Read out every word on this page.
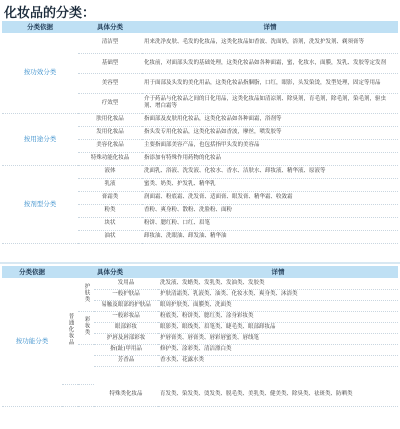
化妆品的分类：
分类依据	具体分类	详情
按功效分类	清洁型	用来洗净皮肤、毛发的化妆品，这类化妆品如香波、洗面奶，浴剂，洗发护发剂、剃须膏等
	基础型	化妆前，对面部头发的基础处理，这类化妆品如各种面霜，蜜，化妆水，面膜，发乳、发胶等定发剂
	美容型	用于面部及头发的美化用品，这类化妆品指胭脂，口红，眼影，头发染烫，发型处理，固定等用品
	疗效型	介于药品与化妆品之间的日化用品，这类化妆品如清凉剂、除臭剂，育毛剂，除毛剂，染毛剂，驱虫剂、增白霜等
按用途分类	肤用化妆品	指面部及皮肤用化妆品，这类化妆品如各种面霜，浴剂等
	发用化妆品	指头发专用化妆品，这类化妆品如香波，摩丝，喷发胶等
	美容化妆品	主要指面部美容产品，也包括指甲头发的美容品
	特殊功能化妆品	指添加有特殊作用药物的化妆品
按剂型分类	液体	洗面乳、浴液、洗发液、化妆水、香水、洁肤水、卸妆液、精华液、原液等
	乳液	蜜类、奶类、护发乳、精华乳
	膏霜类	润面霜、粉底霜、洗发膏、适面膏、眼发膏、精华霜、收敛霜
	粉类	香粉、爽身粉、散粉、洗脸粉、面粉
	块状	粉饼、腮红粉、口红、眉笔
	油状	卸妆油、洗眼油、卸发油、精华油
分类依据	具体分类			详情
按功能分类	普通化妆品	护肤类	发用品	洗发液、发蜡类、发乳类、发油类、发胶类
			一般护肤品	护肤清霜类、乳液类、油类、化妆水类、爽身类、沐浴类
			易触及眼部的护肤品	眼周护肤类、面膜类、洗面类
		彩妆类	一般彩妆品	粉底类、粉饼类、腮红类、涂身彩妆类
			眼部彩妆	眼影类、眼线类、眉笔类、睫毛类、眼部卸妆品
			护唇及唇部彩妆	护唇膏类、唇膏类、唇彩唇蜜类、唇线笔
			指(趾)甲用品	修护类、涂彩类、清洁漂白类
			芳香品	香水类、花露水类

			特殊类化妆品	育发类、染发类、烫发类、脱毛类、美乳类、健美类、除臭类、祛斑类、防晒类
